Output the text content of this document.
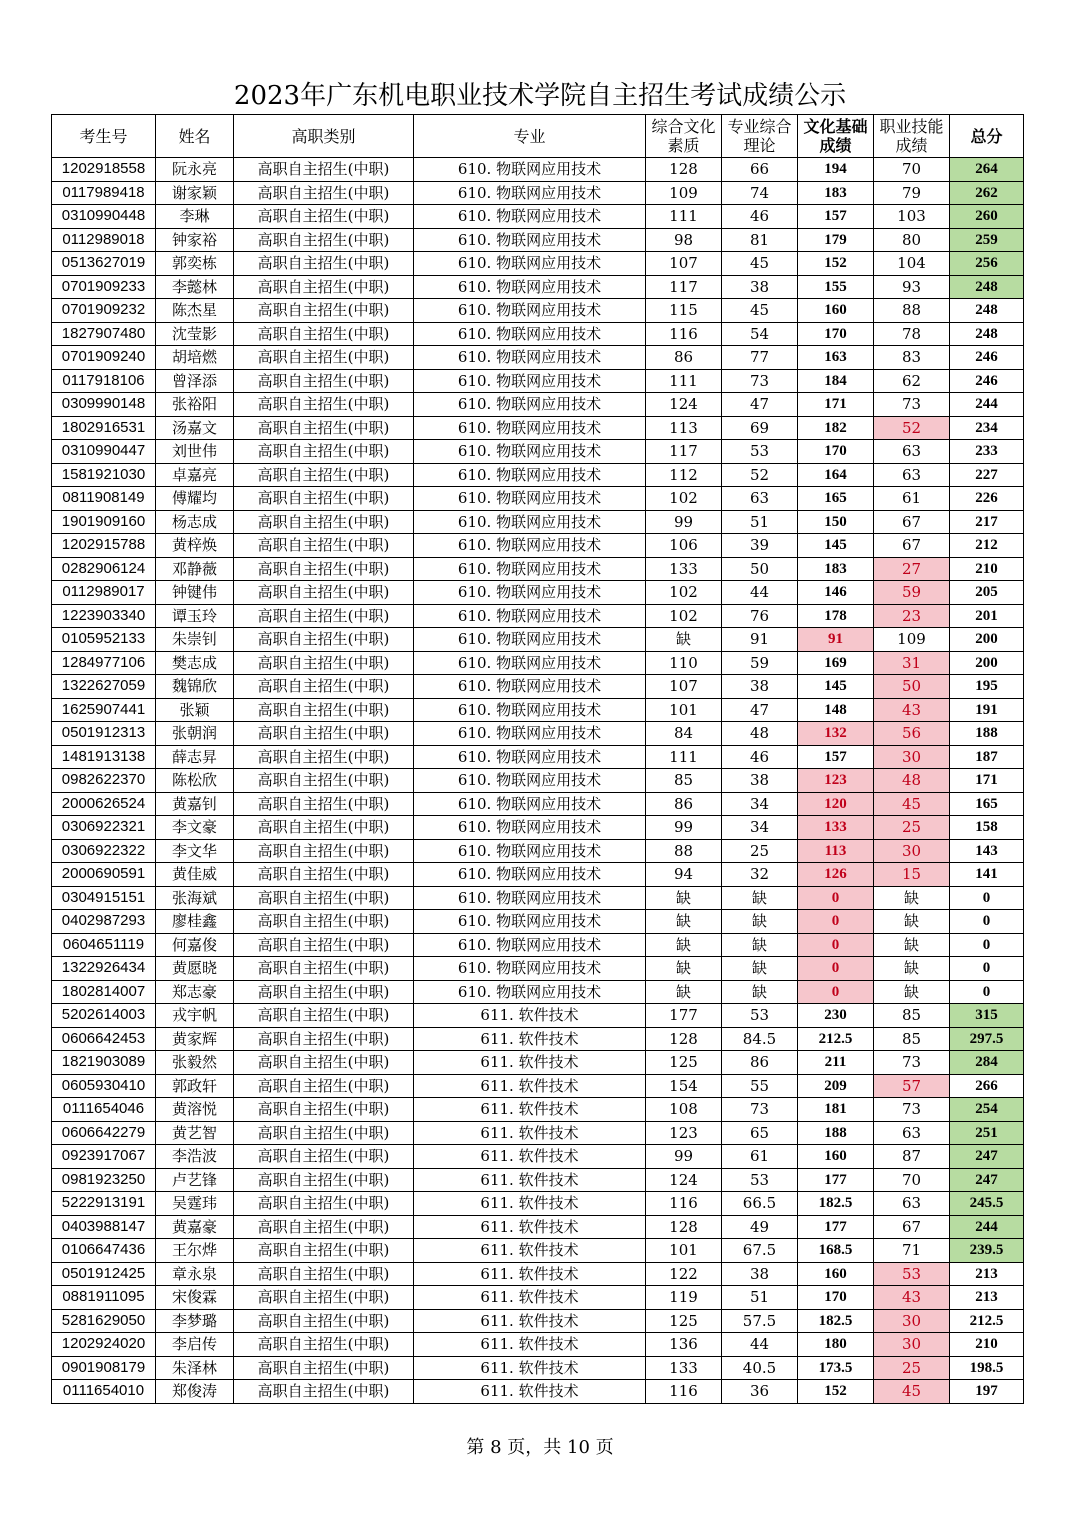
2023年广东机电职业技术学院自主招生考试成绩公示
考生号	姓名	高职类别	专业	综合文化素质	专业综合理论	文化基础成绩	职业技能成绩	总分
1202918558	阮永亮	高职自主招生(中职)	610. 物联网应用技术	128	66	194	70	264
0117989418	谢家颖	高职自主招生(中职)	610. 物联网应用技术	109	74	183	79	262
0310990448	李琳	高职自主招生(中职)	610. 物联网应用技术	111	46	157	103	260
0112989018	钟家裕	高职自主招生(中职)	610. 物联网应用技术	98	81	179	80	259
0513627019	郭奕栋	高职自主招生(中职)	610. 物联网应用技术	107	45	152	104	256
0701909233	李懿林	高职自主招生(中职)	610. 物联网应用技术	117	38	155	93	248
0701909232	陈杰星	高职自主招生(中职)	610. 物联网应用技术	115	45	160	88	248
1827907480	沈莹影	高职自主招生(中职)	610. 物联网应用技术	116	54	170	78	248
0701909240	胡培燃	高职自主招生(中职)	610. 物联网应用技术	86	77	163	83	246
0117918106	曾泽添	高职自主招生(中职)	610. 物联网应用技术	111	73	184	62	246
0309990148	张裕阳	高职自主招生(中职)	610. 物联网应用技术	124	47	171	73	244
1802916531	汤嘉文	高职自主招生(中职)	610. 物联网应用技术	113	69	182	52	234
0310990447	刘世伟	高职自主招生(中职)	610. 物联网应用技术	117	53	170	63	233
1581921030	卓嘉亮	高职自主招生(中职)	610. 物联网应用技术	112	52	164	63	227
0811908149	傅耀均	高职自主招生(中职)	610. 物联网应用技术	102	63	165	61	226
1901909160	杨志成	高职自主招生(中职)	610. 物联网应用技术	99	51	150	67	217
1202915788	黄梓焕	高职自主招生(中职)	610. 物联网应用技术	106	39	145	67	212
0282906124	邓静薇	高职自主招生(中职)	610. 物联网应用技术	133	50	183	27	210
0112989017	钟键伟	高职自主招生(中职)	610. 物联网应用技术	102	44	146	59	205
1223903340	谭玉玲	高职自主招生(中职)	610. 物联网应用技术	102	76	178	23	201
0105952133	朱崇钊	高职自主招生(中职)	610. 物联网应用技术	缺	91	91	109	200
1284977106	樊志成	高职自主招生(中职)	610. 物联网应用技术	110	59	169	31	200
1322627059	魏锦欣	高职自主招生(中职)	610. 物联网应用技术	107	38	145	50	195
1625907441	张颖	高职自主招生(中职)	610. 物联网应用技术	101	47	148	43	191
0501912313	张朝润	高职自主招生(中职)	610. 物联网应用技术	84	48	132	56	188
1481913138	薛志昇	高职自主招生(中职)	610. 物联网应用技术	111	46	157	30	187
0982622370	陈松欣	高职自主招生(中职)	610. 物联网应用技术	85	38	123	48	171
2000626524	黄嘉钊	高职自主招生(中职)	610. 物联网应用技术	86	34	120	45	165
0306922321	李文豪	高职自主招生(中职)	610. 物联网应用技术	99	34	133	25	158
0306922322	李文华	高职自主招生(中职)	610. 物联网应用技术	88	25	113	30	143
2000690591	黄佳威	高职自主招生(中职)	610. 物联网应用技术	94	32	126	15	141
0304915151	张海斌	高职自主招生(中职)	610. 物联网应用技术	缺	缺	0	缺	0
0402987293	廖桂鑫	高职自主招生(中职)	610. 物联网应用技术	缺	缺	0	缺	0
0604651119	何嘉俊	高职自主招生(中职)	610. 物联网应用技术	缺	缺	0	缺	0
1322926434	黄愿晓	高职自主招生(中职)	610. 物联网应用技术	缺	缺	0	缺	0
1802814007	郑志豪	高职自主招生(中职)	610. 物联网应用技术	缺	缺	0	缺	0
5202614003	戎宇帆	高职自主招生(中职)	611. 软件技术	177	53	230	85	315
0606642453	黄家辉	高职自主招生(中职)	611. 软件技术	128	84.5	212.5	85	297.5
1821903089	张毅然	高职自主招生(中职)	611. 软件技术	125	86	211	73	284
0605930410	郭政轩	高职自主招生(中职)	611. 软件技术	154	55	209	57	266
0111654046	黄溶悦	高职自主招生(中职)	611. 软件技术	108	73	181	73	254
0606642279	黄艺智	高职自主招生(中职)	611. 软件技术	123	65	188	63	251
0923917067	李浩波	高职自主招生(中职)	611. 软件技术	99	61	160	87	247
0981923250	卢艺锋	高职自主招生(中职)	611. 软件技术	124	53	177	70	247
5222913191	吴霆玮	高职自主招生(中职)	611. 软件技术	116	66.5	182.5	63	245.5
0403988147	黄嘉豪	高职自主招生(中职)	611. 软件技术	128	49	177	67	244
0106647436	王尔烨	高职自主招生(中职)	611. 软件技术	101	67.5	168.5	71	239.5
0501912425	章永泉	高职自主招生(中职)	611. 软件技术	122	38	160	53	213
0881911095	宋俊霖	高职自主招生(中职)	611. 软件技术	119	51	170	43	213
5281629050	李梦璐	高职自主招生(中职)	611. 软件技术	125	57.5	182.5	30	212.5
1202924020	李启传	高职自主招生(中职)	611. 软件技术	136	44	180	30	210
0901908179	朱泽林	高职自主招生(中职)	611. 软件技术	133	40.5	173.5	25	198.5
0111654010	郑俊涛	高职自主招生(中职)	611. 软件技术	116	36	152	45	197
第 8 页，共 10 页
